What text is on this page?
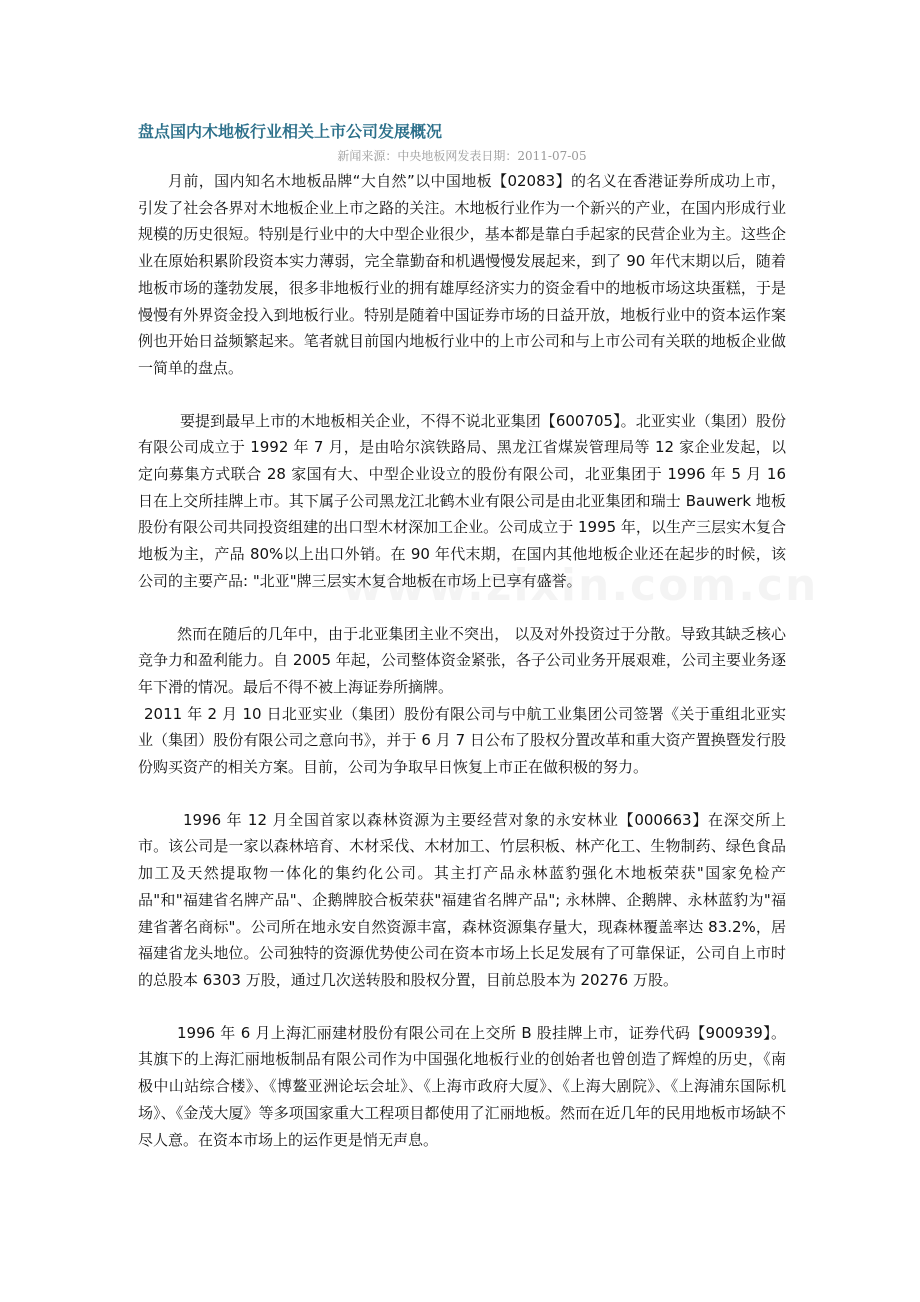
盘点国内木地板行业相关上市公司发展概况
新闻来源：中央地板网发表日期：2011-07-05

月前，国内知名木地板品牌“大自然”以中国地板【02083】的名义在香港证券所成功上市，引发了社会各界对木地板企业上市之路的关注。木地板行业作为一个新兴的产业，在国内形成行业规模的历史很短。特别是行业中的大中型企业很少，基本都是靠白手起家的民营企业为主。这些企业在原始积累阶段资本实力薄弱，完全靠勤奋和机遇慢慢发展起来，到了 90 年代末期以后，随着地板市场的蓬勃发展，很多非地板行业的拥有雄厚经济实力的资金看中的地板市场这块蛋糕，于是慢慢有外界资金投入到地板行业。特别是随着中国证券市场的日益开放，地板行业中的资本运作案例也开始日益频繁起来。笔者就目前国内地板行业中的上市公司和与上市公司有关联的地板企业做一简单的盘点。

要提到最早上市的木地板相关企业，不得不说北亚集团【600705】。北亚实业（集团）股份有限公司成立于 1992 年 7 月，是由哈尔滨铁路局、黑龙江省煤炭管理局等 12 家企业发起，以定向募集方式联合 28 家国有大、中型企业设立的股份有限公司，北亚集团于 1996 年 5 月 16 日在上交所挂牌上市。其下属子公司黑龙江北鹤木业有限公司是由北亚集团和瑞士 Bauwerk 地板股份有限公司共同投资组建的出口型木材深加工企业。公司成立于 1995 年，以生产三层实木复合地板为主，产品 80%以上出口外销。在 90 年代末期，在国内其他地板企业还在起步的时候，该公司的主要产品: "北亚"牌三层实木复合地板在市场上已享有盛誉。

然而在随后的几年中，由于北亚集团主业不突出， 以及对外投资过于分散。导致其缺乏核心竞争力和盈利能力。自 2005 年起，公司整体资金紧张，各子公司业务开展艰难，公司主要业务逐年下滑的情况。最后不得不被上海证券所摘牌。

2011 年 2 月 10 日北亚实业（集团）股份有限公司与中航工业集团公司签署《关于重组北亚实业（集团）股份有限公司之意向书》，并于 6 月 7 日公布了股权分置改革和重大资产置换暨发行股份购买资产的相关方案。目前，公司为争取早日恢复上市正在做积极的努力。

1996 年 12 月全国首家以森林资源为主要经营对象的永安林业【000663】在深交所上市。该公司是一家以森林培育、木材采伐、木材加工、竹层积板、林产化工、生物制药、绿色食品加工及天然提取物一体化的集约化公司。其主打产品永林蓝豹强化木地板荣获"国家免检产品"和"福建省名牌产品"、企鹅牌胶合板荣获"福建省名牌产品"; 永林牌、企鹅牌、永林蓝豹为"福建省著名商标"。公司所在地永安自然资源丰富，森林资源集存量大，现森林覆盖率达 83.2%，居福建省龙头地位。公司独特的资源优势使公司在资本市场上长足发展有了可靠保证，公司自上市时的总股本 6303 万股，通过几次送转股和股权分置，目前总股本为 20276 万股。

1996 年 6 月上海汇丽建材股份有限公司在上交所 B 股挂牌上市，证券代码【900939】。其旗下的上海汇丽地板制品有限公司作为中国强化地板行业的创始者也曾创造了辉煌的历史，《南极中山站综合楼》、《博鳌亚洲论坛会址》、《上海市政府大厦》、《上海大剧院》、《上海浦东国际机场》、《金茂大厦》等多项国家重大工程项目都使用了汇丽地板。然而在近几年的民用地板市场缺不尽人意。在资本市场上的运作更是悄无声息。
